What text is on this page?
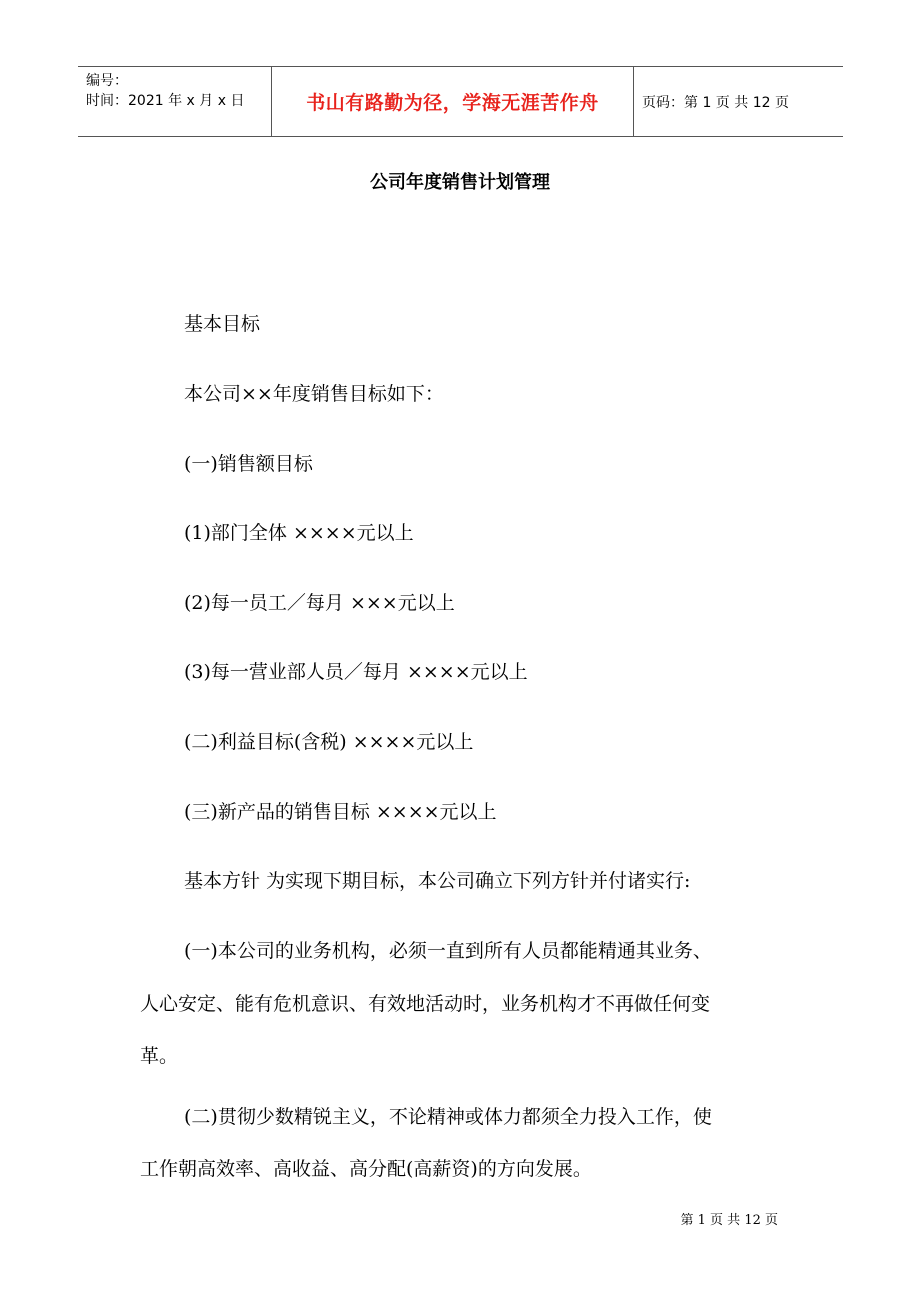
编号：
时间：2021 年 x 月 x 日	书山有路勤为径，学海无涯苦作舟	页码：第 1 页 共 12 页
公司年度销售计划管理
基本目标
本公司××年度销售目标如下：
(一)销售额目标
(1)部门全体 ××××元以上
(2)每一员工／每月 ×××元以上
(3)每一营业部人员／每月 ××××元以上
(二)利益目标(含税) ××××元以上
(三)新产品的销售目标 ××××元以上
基本方针 为实现下期目标，本公司确立下列方针并付诸实行:
(一)本公司的业务机构，必须一直到所有人员都能精通其业务、
人心安定、能有危机意识、有效地活动时，业务机构才不再做任何变
革。
(二)贯彻少数精锐主义，不论精神或体力都须全力投入工作，使
工作朝高效率、高收益、高分配(高薪资)的方向发展。
第 1 页 共 12 页
